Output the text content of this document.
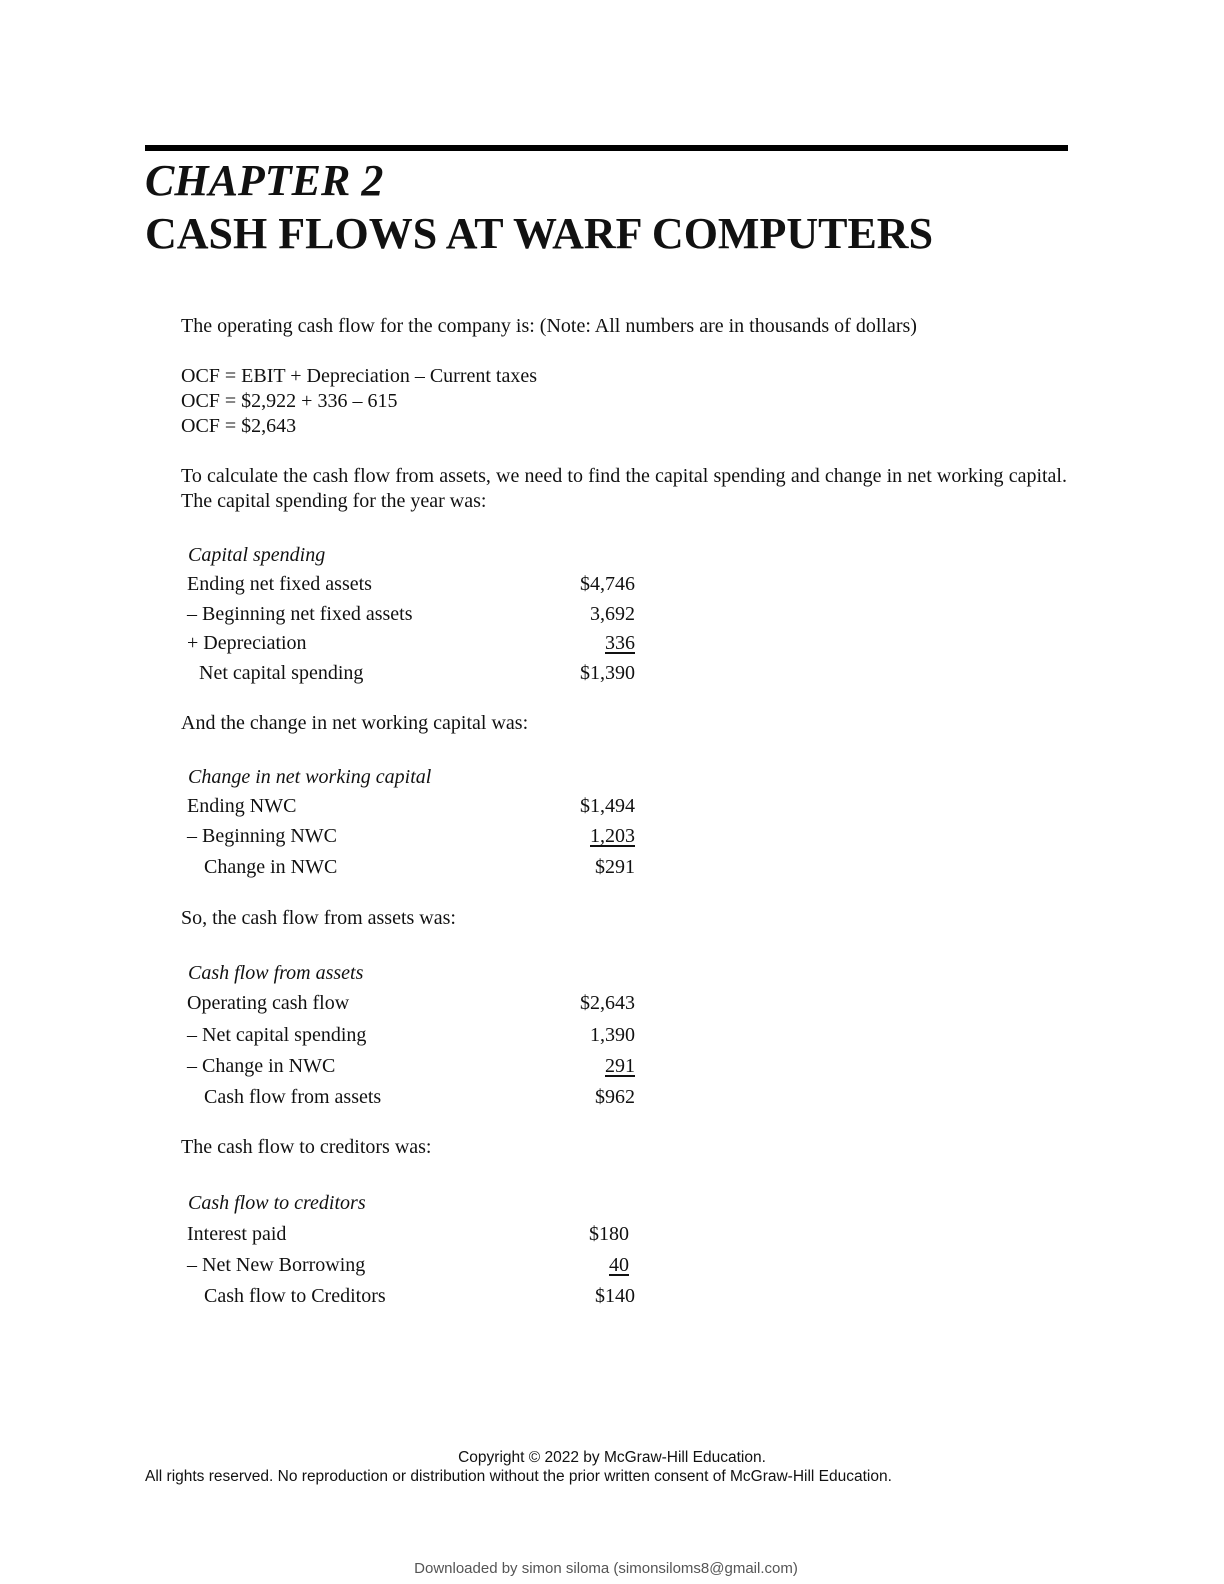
CHAPTER 2
CASH FLOWS AT WARF COMPUTERS

The operating cash flow for the company is: (Note: All numbers are in thousands of dollars)

OCF = EBIT + Depreciation – Current taxes
OCF = $2,922 + 336 – 615
OCF = $2,643

To calculate the cash flow from assets, we need to find the capital spending and change in net working capital. The capital spending for the year was:

Capital spending
Ending net fixed assets	$4,746
– Beginning net fixed assets	3,692
+ Depreciation	336
Net capital spending	$1,390

And the change in net working capital was:

Change in net working capital
Ending NWC	$1,494
– Beginning NWC	1,203
Change in NWC	$291

So, the cash flow from assets was:

Cash flow from assets
Operating cash flow	$2,643
– Net capital spending	1,390
– Change in NWC	291
Cash flow from assets	$962

The cash flow to creditors was:

Cash flow to creditors
Interest paid	$180
– Net New Borrowing	40
Cash flow to Creditors	$140
Copyright © 2022 by McGraw-Hill Education.
All rights reserved. No reproduction or distribution without the prior written consent of McGraw-Hill Education.
Downloaded by simon siloma (simonsiloms8@gmail.com)
